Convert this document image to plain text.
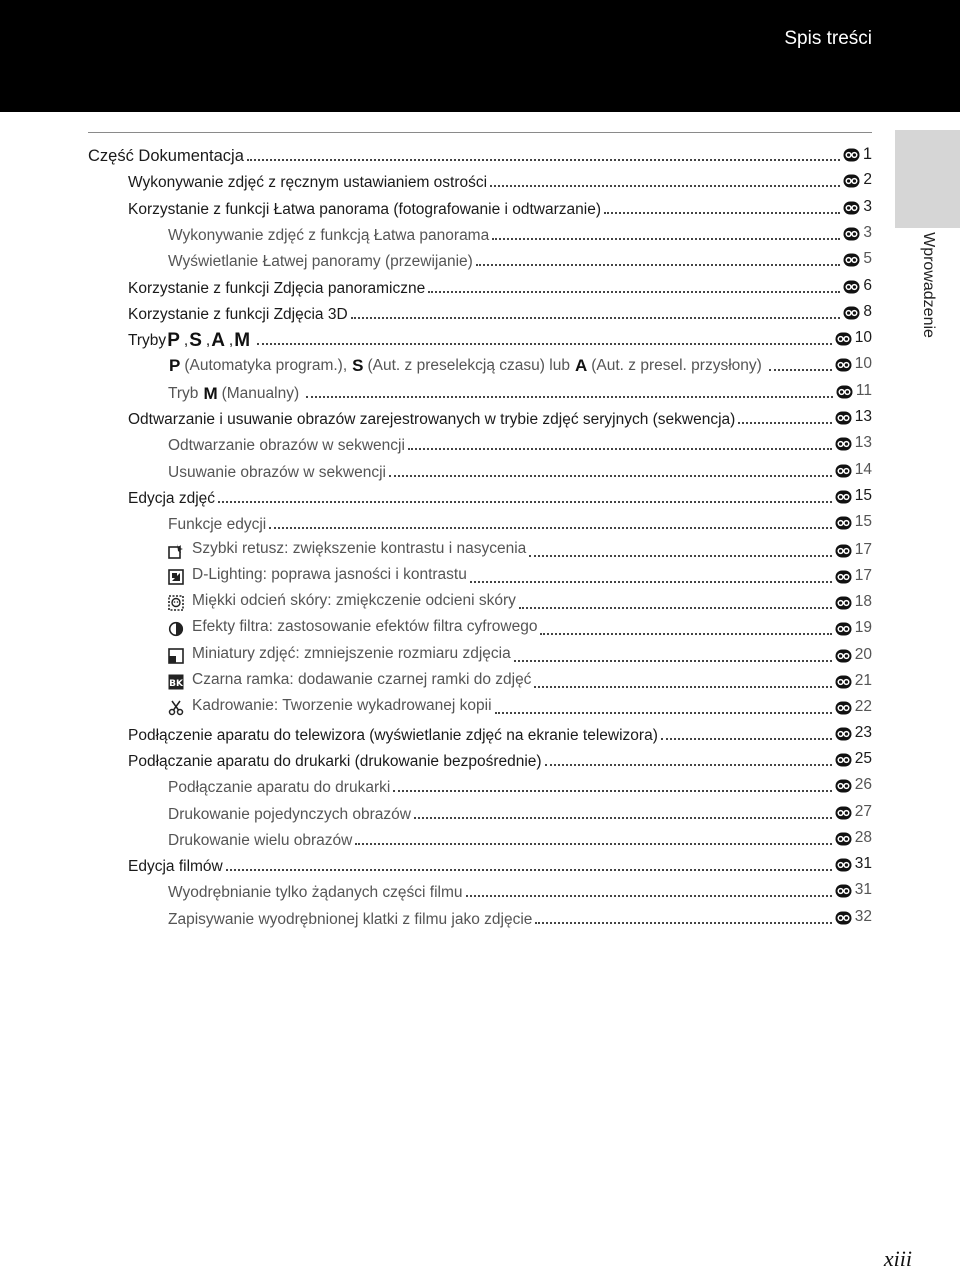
Spis treści
Wprowadzenie
Część Dokumentacja	1
Wykonywanie zdjęć z ręcznym ustawianiem ostrości	2
Korzystanie z funkcji Łatwa panorama (fotografowanie i odtwarzanie)	3
Wykonywanie zdjęć z funkcją Łatwa panorama	3
Wyświetlanie Łatwej panoramy (przewijanie)	5
Korzystanie z funkcji Zdjęcia panoramiczne	6
Korzystanie z funkcji Zdjęcia 3D	8
Tryby P , S , A , M	10
P (Automatyka program.), S (Aut. z preselekcją czasu) lub A (Aut. z presel. przysłony)	10
Tryb M (Manualny)	11
Odtwarzanie i usuwanie obrazów zarejestrowanych w trybie zdjęć seryjnych (sekwencja)	13
Odtwarzanie obrazów w sekwencji	13
Usuwanie obrazów w sekwencji	14
Edycja zdjęć	15
Funkcje edycji	15
Szybki retusz: zwiększenie kontrastu i nasycenia	17
D-Lighting: poprawa jasności i kontrastu	17
Miękki odcień skóry: zmiękczenie odcieni skóry	18
Efekty filtra: zastosowanie efektów filtra cyfrowego	19
Miniatury zdjęć: zmniejszenie rozmiaru zdjęcia	20
BK Czarna ramka: dodawanie czarnej ramki do zdjęć	21
Kadrowanie: Tworzenie wykadrowanej kopii	22
Podłączenie aparatu do telewizora (wyświetlanie zdjęć na ekranie telewizora)	23
Podłączanie aparatu do drukarki (drukowanie bezpośrednie)	25
Podłączanie aparatu do drukarki	26
Drukowanie pojedynczych obrazów	27
Drukowanie wielu obrazów	28
Edycja filmów	31
Wyodrębnianie tylko żądanych części filmu	31
Zapisywanie wyodrębnionej klatki z filmu jako zdjęcie	32
xiii
